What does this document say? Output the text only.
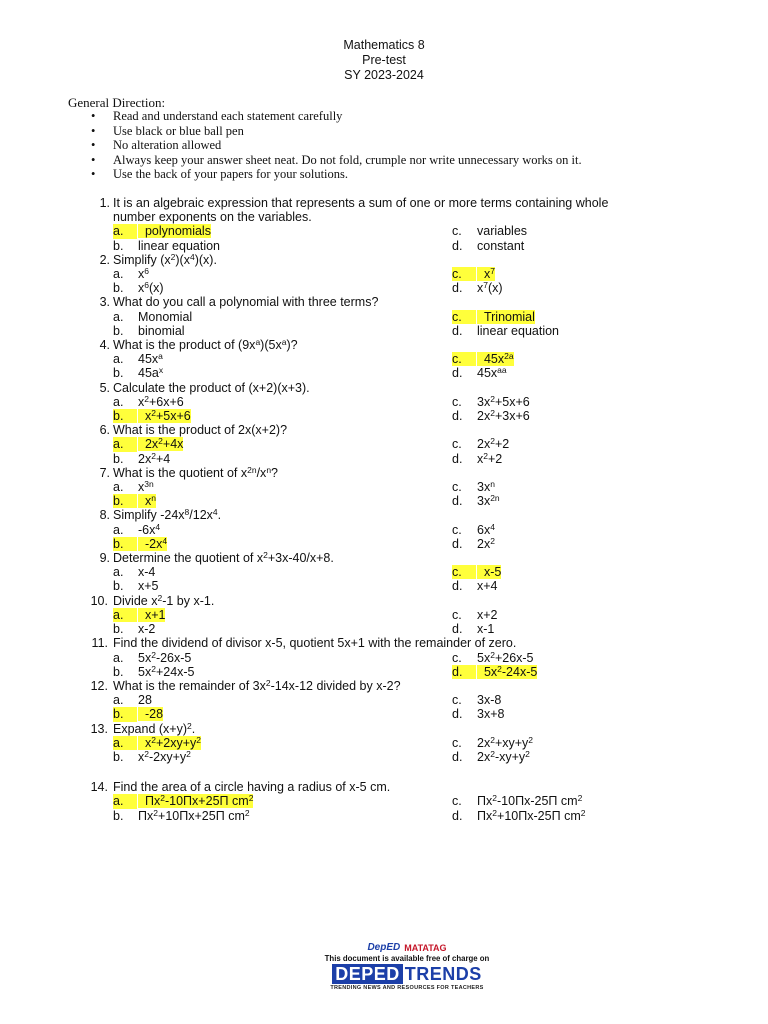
Mathematics 8
Pre-test
SY 2023-2024
General Direction:
• Read and understand each statement carefully
• Use black or blue ball pen
• No alteration allowed
• Always keep your answer sheet neat. Do not fold, crumple nor write unnecessary works on it.
• Use the back of your papers for your solutions.
1. It is an algebraic expression that represents a sum of one or more terms containing whole
number exponents on the variables.
a.	polynomials	c. variables
b. linear equation	d. constant
2. Simplify $(x^2)(x^4)(x)$.
a. $x^6$	c.	$x^7$
b. $x^6(x)$	d. $x^7(x)$
3. What do you call a polynomial with three terms?
a. Monomial	c.	Trinomial
b. binomial	d. linear equation
4. What is the product of $(9x^a)(5x^a)$?
a. $45x^a$	c.	$45x^{2a}$
b. $45a^x$	d. $45x^{aa}$
5. Calculate the product of (x+2)(x+3).
a. $x^2+6x+6$	c. $3x^2+5x+6$
b.	$x^2+5x+6$	d. $2x^2+3x+6$
6. What is the product of 2x(x+2)?
a.	$2x^2+4x$	c. $2x^2+2$
b. $2x^2+4$	d. $x^2+2$
7. What is the quotient of $x^{2n}/x^n$?
a. $x^{3n}$	c. $3x^n$
b.	$x^n$	d. $3x^{2n}$
8. Simplify $-24x^8/12x^4$.
a. $-6x^4$	c. $6x^4$
b.	$-2x^4$	d. $2x^2$
9. Determine the quotient of $x^2+3x-40/x+8$.
a. x-4	c.	x-5
b. x+5	d. x+4
10. Divide $x^2-1$ by x-1.
a.	x+1	c. x+2
b. x-2	d. x-1
11. Find the dividend of divisor x-5, quotient 5x+1 with the remainder of zero.
a. $5x^2-26x-5$	c. $5x^2+26x-5$
b. $5x^2+24x-5$	d.	$5x^2-24x-5$
12. What is the remainder of $3x^2-14x-12$ divided by x-2?
a. 28	c. 3x-8
b.	-28	d. 3x+8
13. Expand $(x+y)^2$.
a.	$x^2+2xy+y^2$	c. $2x^2+xy+y^2$
b. $x^2-2xy+y^2$	d. $2x^2-xy+y^2$
14. Find the area of a circle having a radius of x-5 cm.
a.	$\Pi x^2-10\Pi x+25\Pi$ $cm^2$	c. $\Pi x^2-10\Pi x-25\Pi$ $cm^2$
b. $\Pi x^2+10\Pi x+25\Pi$ $cm^2$	d. $\Pi x^2+10\Pi x-25\Pi$ $cm^2$
DepED MATATAG
This document is available free of charge on
DEPED TRENDS
TRENDING NEWS AND RESOURCES FOR TEACHERS
